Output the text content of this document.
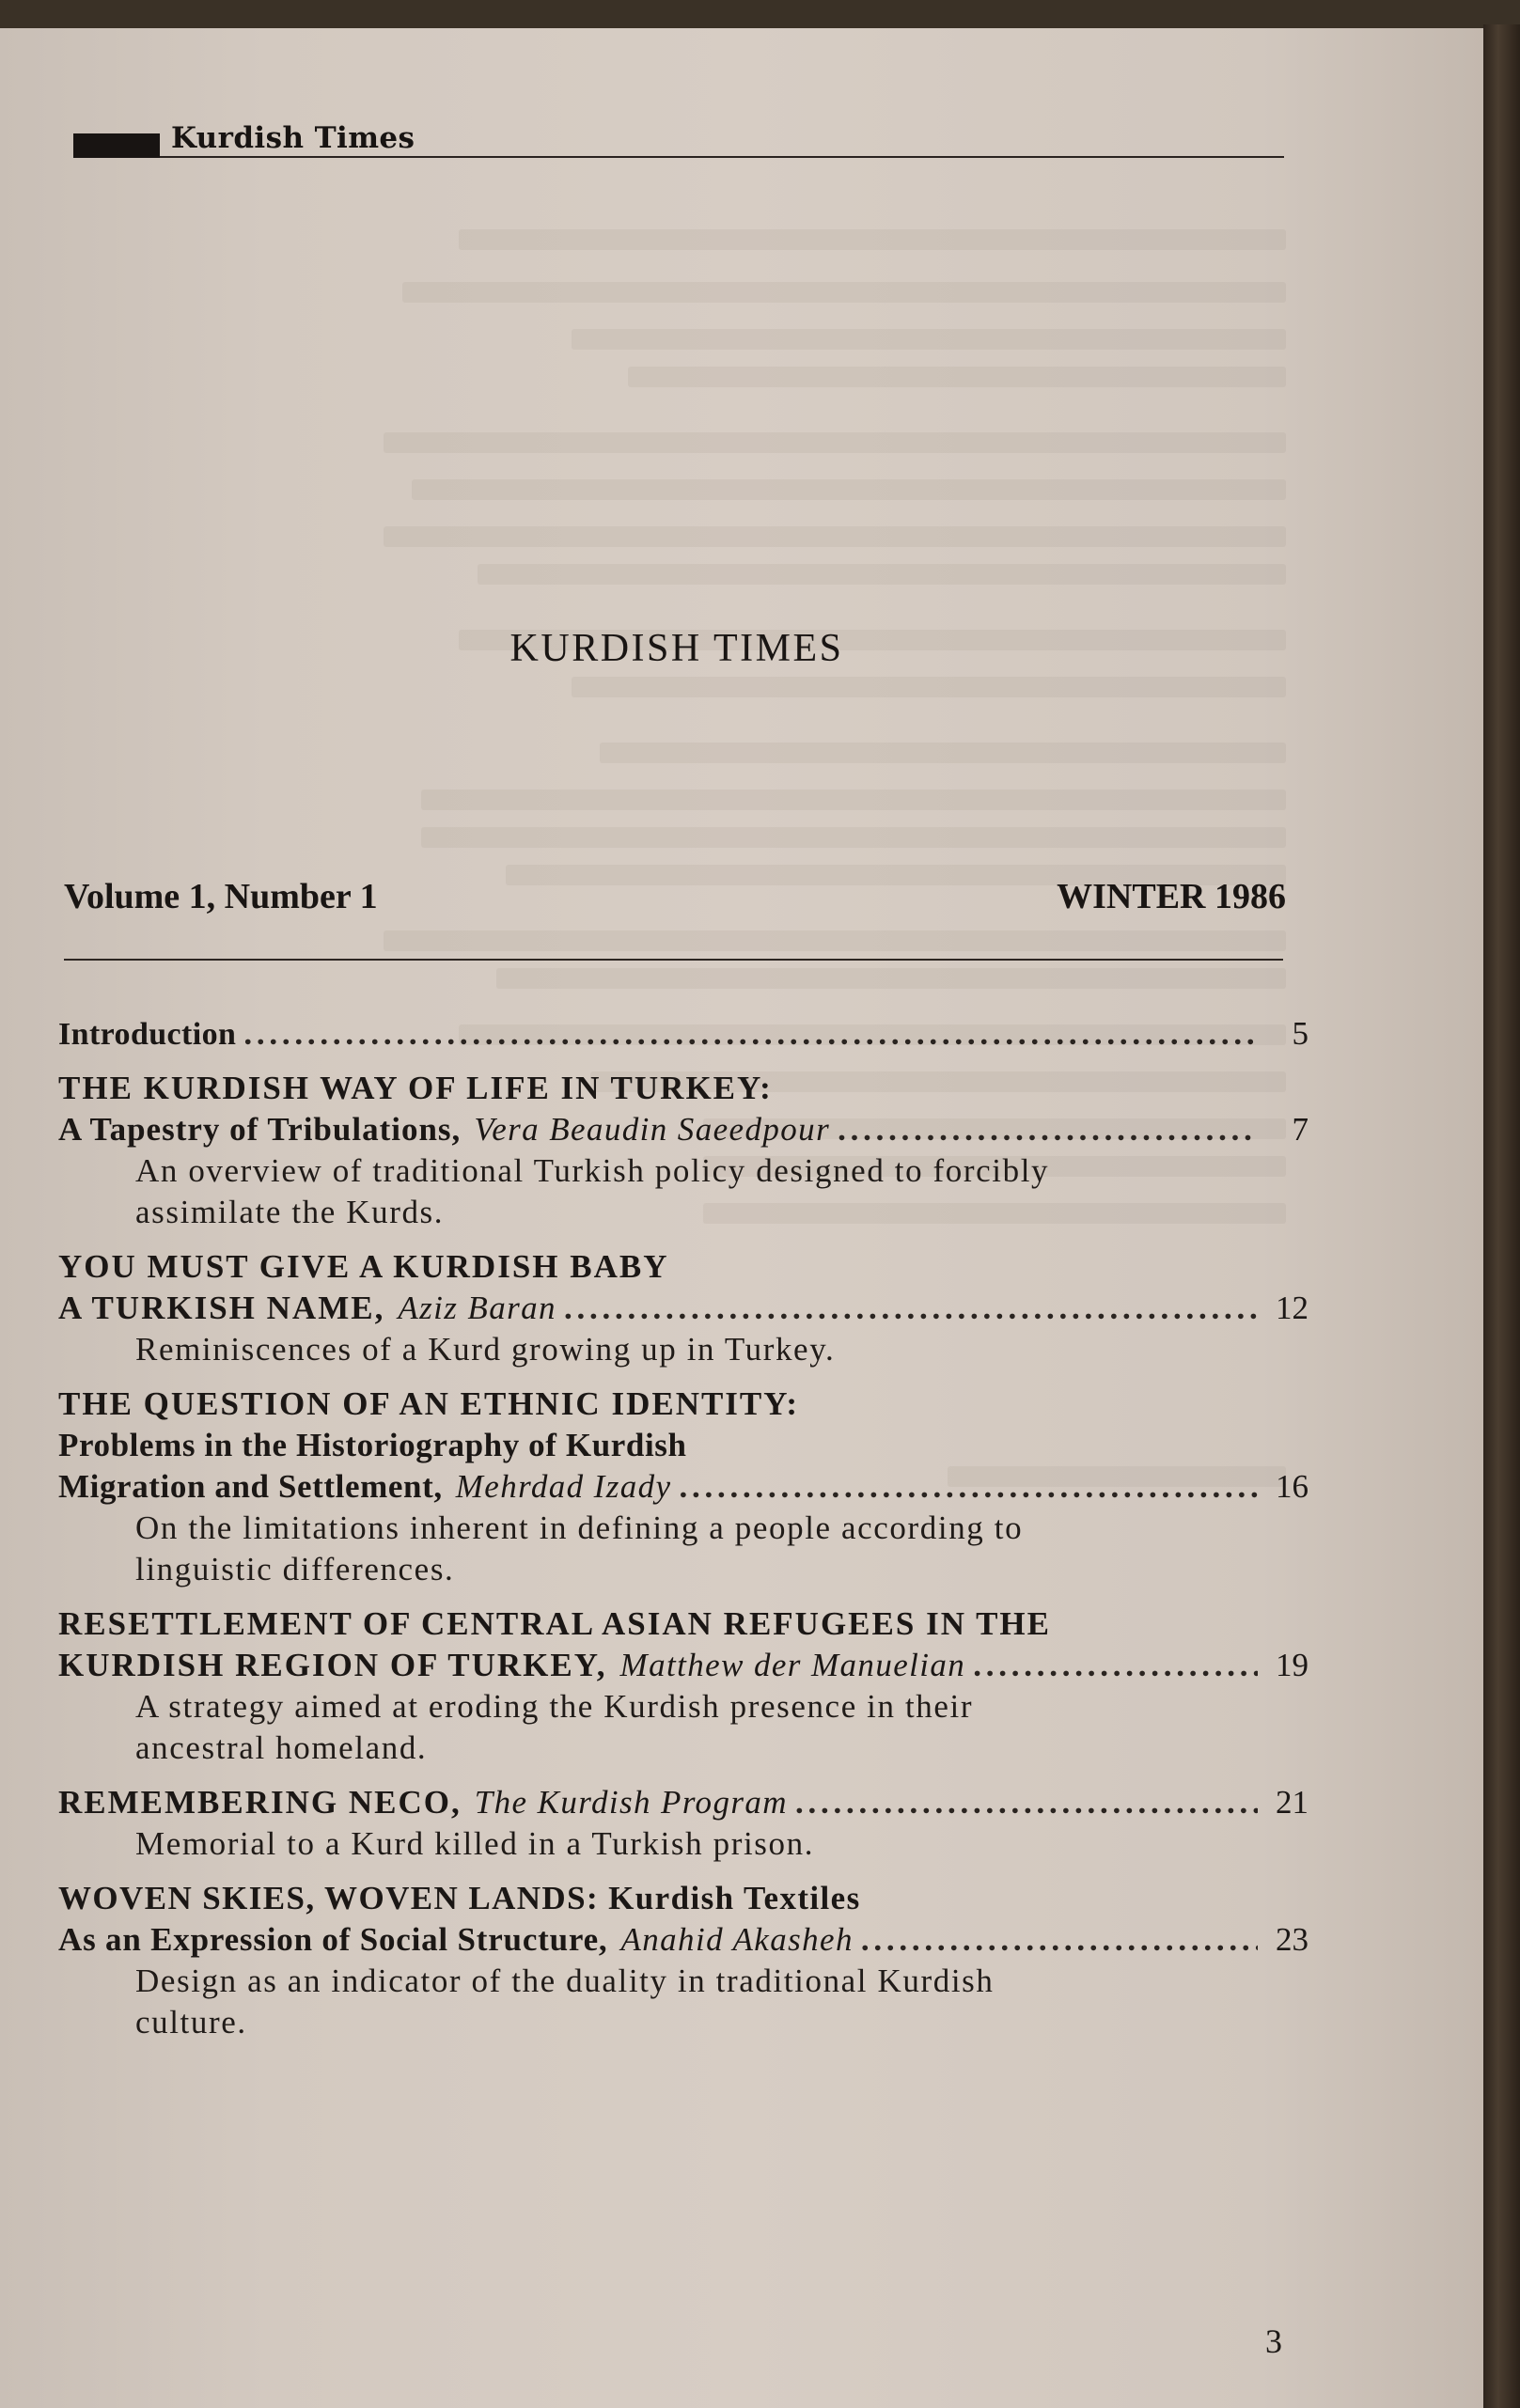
Kurdish Times
KURDISH TIMES
Volume 1, Number 1	WINTER 1986
Introduction . . .	5
THE KURDISH WAY OF LIFE IN TURKEY:
A Tapestry of Tribulations, Vera Beaudin Saeedpour . . .	7
An overview of traditional Turkish policy designed to forcibly assimilate the Kurds.
YOU MUST GIVE A KURDISH BABY
A TURKISH NAME, Aziz Baran . . .	12
Reminiscences of a Kurd growing up in Turkey.
THE QUESTION OF AN ETHNIC IDENTITY:
Problems in the Historiography of Kurdish
Migration and Settlement, Mehrdad Izady . . .	16
On the limitations inherent in defining a people according to linguistic differences.
RESETTLEMENT OF CENTRAL ASIAN REFUGEES IN THE
KURDISH REGION OF TURKEY, Matthew der Manuelian . . .	19
A strategy aimed at eroding the Kurdish presence in their ancestral homeland.
REMEMBERING NECO, The Kurdish Program . . .	21
Memorial to a Kurd killed in a Turkish prison.
WOVEN SKIES, WOVEN LANDS: Kurdish Textiles
As an Expression of Social Structure, Anahid Akasheh . . .	23
Design as an indicator of the duality in traditional Kurdish culture.
3
